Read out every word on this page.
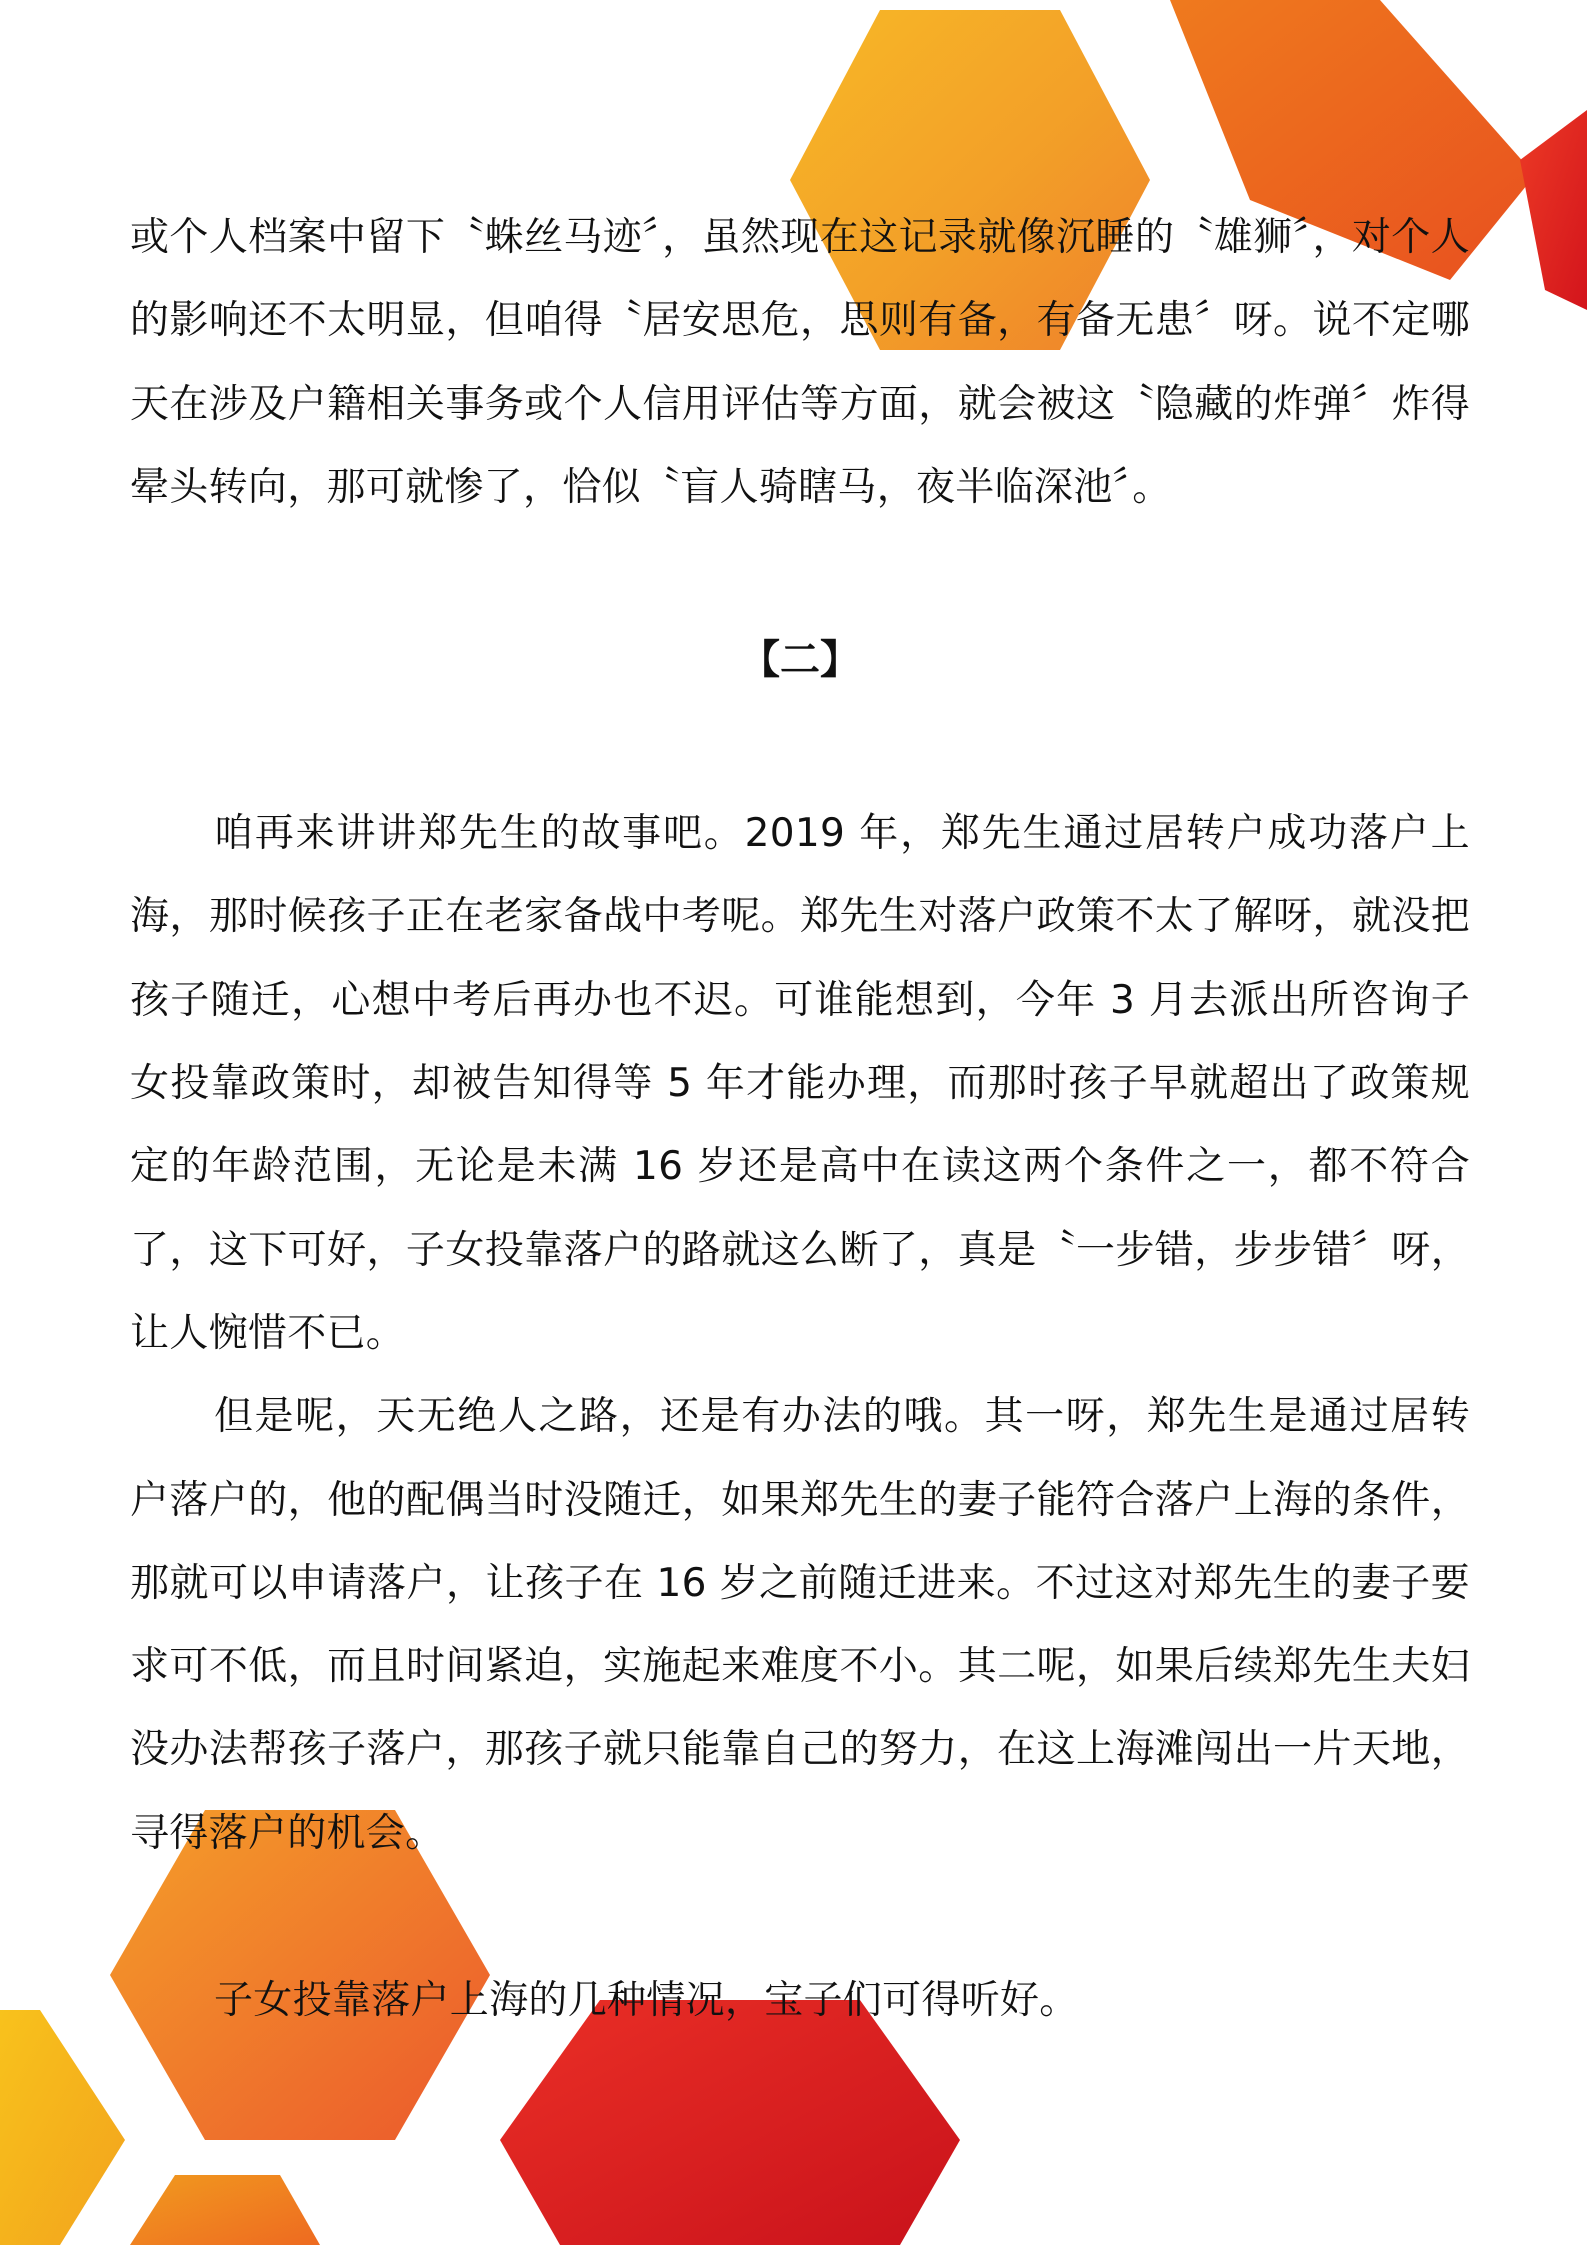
或个人档案中留下〝蛛丝马迹〞，虽然现在这记录就像沉睡的〝雄狮〞，对个人的影响还不太明显，但咱得〝居安思危，思则有备，有备无患〞呀。说不定哪天在涉及户籍相关事务或个人信用评估等方面，就会被这〝隐藏的炸弹〞炸得晕头转向，那可就惨了，恰似〝盲人骑瞎马，夜半临深池〞。

【二】

咱再来讲讲郑先生的故事吧。2019 年，郑先生通过居转户成功落户上海，那时候孩子正在老家备战中考呢。郑先生对落户政策不太了解呀，就没把孩子随迁，心想中考后再办也不迟。可谁能想到，今年 3 月去派出所咨询子女投靠政策时，却被告知得等 5 年才能办理，而那时孩子早就超出了政策规定的年龄范围，无论是未满 16 岁还是高中在读这两个条件之一，都不符合了，这下可好，子女投靠落户的路就这么断了，真是〝一步错，步步错〞呀，让人惋惜不已。

但是呢，天无绝人之路，还是有办法的哦。其一呀，郑先生是通过居转户落户的，他的配偶当时没随迁，如果郑先生的妻子能符合落户上海的条件，那就可以申请落户，让孩子在 16 岁之前随迁进来。不过这对郑先生的妻子要求可不低，而且时间紧迫，实施起来难度不小。其二呢，如果后续郑先生夫妇没办法帮孩子落户，那孩子就只能靠自己的努力，在这上海滩闯出一片天地，寻得落户的机会。

子女投靠落户上海的几种情况，宝子们可得听好。
